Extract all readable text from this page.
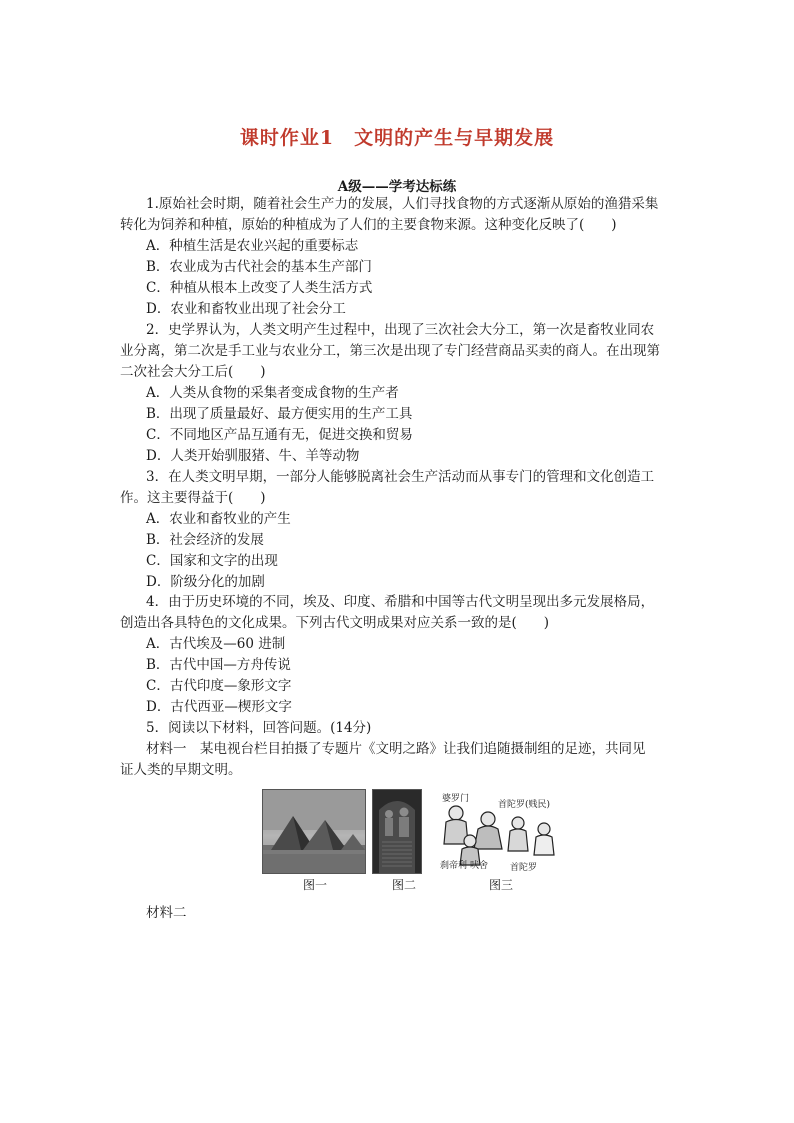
课时作业1　文明的产生与早期发展
A级——学考达标练
1.原始社会时期，随着社会生产力的发展，人们寻找食物的方式逐渐从原始的渔猎采集
转化为饲养和种植，原始的种植成为了人们的主要食物来源。这种变化反映了(　　)
A．种植生活是农业兴起的重要标志
B．农业成为古代社会的基本生产部门
C．种植从根本上改变了人类生活方式
D．农业和畜牧业出现了社会分工
2．史学界认为，人类文明产生过程中，出现了三次社会大分工，第一次是畜牧业同农
业分离，第二次是手工业与农业分工，第三次是出现了专门经营商品买卖的商人。在出现第
二次社会大分工后(　　)
A．人类从食物的采集者变成食物的生产者
B．出现了质量最好、最方便实用的生产工具
C．不同地区产品互通有无，促进交换和贸易
D．人类开始驯服猪、牛、羊等动物
3．在人类文明早期，一部分人能够脱离社会生产活动而从事专门的管理和文化创造工
作。这主要得益于(　　)
A．农业和畜牧业的产生
B．社会经济的发展
C．国家和文字的出现
D．阶级分化的加剧
4．由于历史环境的不同，埃及、印度、希腊和中国等古代文明呈现出多元发展格局，
创造出各具特色的文化成果。下列古代文明成果对应关系一致的是(　　)
A．古代埃及—60 进制
B．古代中国—方舟传说
C．古代印度—象形文字
D．古代西亚—楔形文字
5．阅读以下材料，回答问题。(14分)
材料一　某电视台栏目拍摄了专题片《文明之路》让我们追随摄制组的足迹，共同见
证人类的早期文明。
婆罗门
首陀罗(贱民)
刹帝利 吠舍 首陀罗
图一	图二	图三
材料二
